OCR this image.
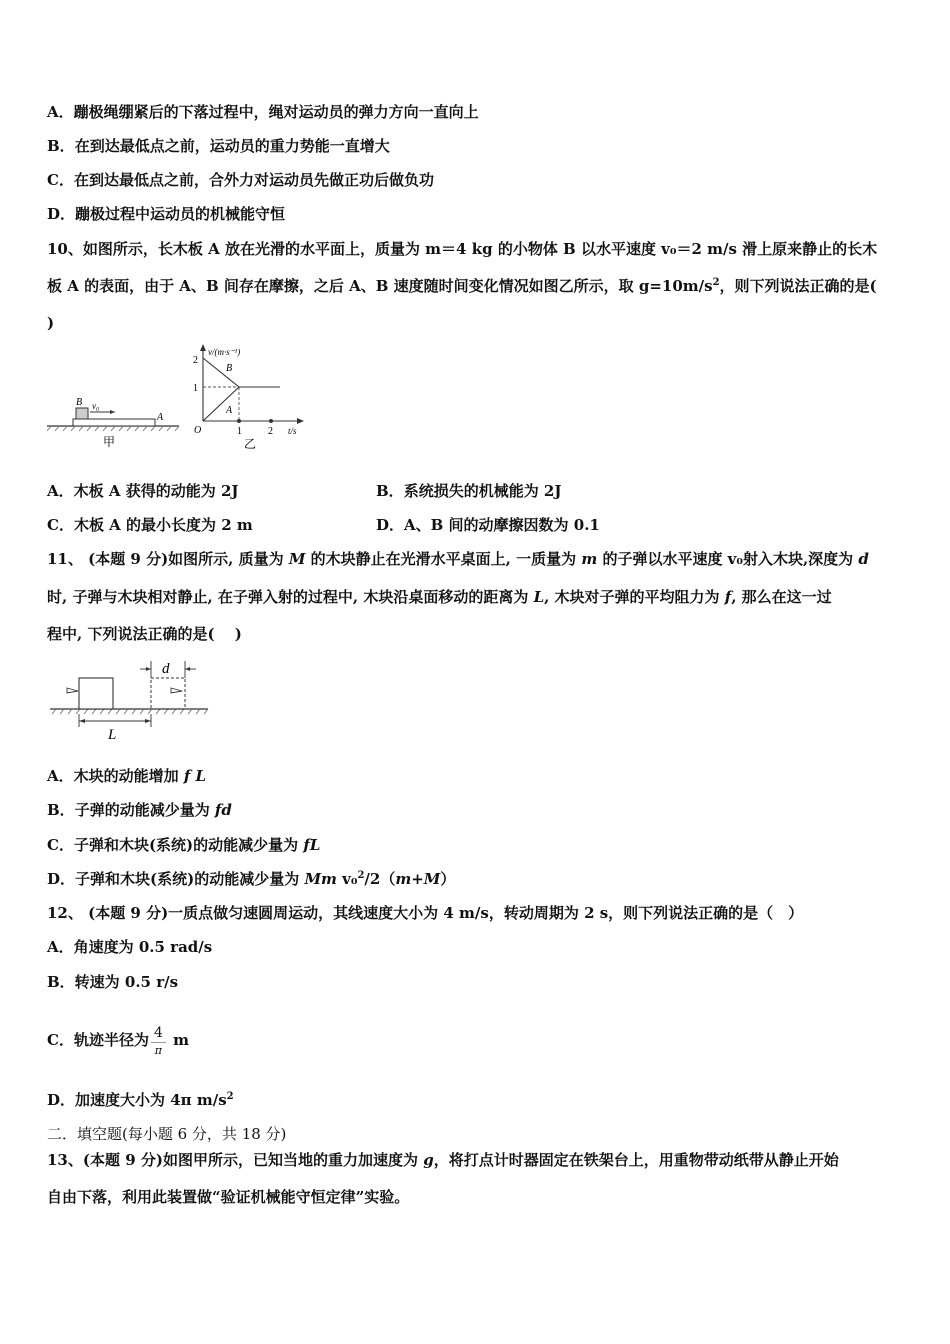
A．蹦极绳绷紧后的下落过程中，绳对运动员的弹力方向一直向上
B．在到达最低点之前，运动员的重力势能一直增大
C．在到达最低点之前，合外力对运动员先做正功后做负功
D．蹦极过程中运动员的机械能守恒
10、如图所示，长木板 A 放在光滑的水平面上，质量为 m＝4 kg 的小物体 B 以水平速度 v₀＝2 m/s 滑上原来静止的长木
板 A 的表面，由于 A、B 间存在摩擦，之后 A、B 速度随时间变化情况如图乙所示，取 $g=10m/s^2$，则下列说法正确的是(
)
B v₀
A
甲
v/(m·s⁻¹)
2
1
O	1	2 t/s
B
A
乙
A．木板 A 获得的动能为 2J	B．系统损失的机械能为 2J
C．木板 A 的最小长度为 2 m	D．A、B 间的动摩擦因数为 0.1
11、 (本题 9 分)如图所示, 质量为 M 的木块静止在光滑水平桌面上, 一质量为 m 的子弹以水平速度 v₀射入木块,深度为 d
时, 子弹与木块相对静止, 在子弹入射的过程中, 木块沿桌面移动的距离为 L, 木块对子弹的平均阻力为 f, 那么在这一过
程中, 下列说法正确的是(　 )
d
L
A．木块的动能增加 f L
B．子弹的动能减少量为 fd
C．子弹和木块(系统)的动能减少量为 fL
D．子弹和木块(系统)的动能减少量为 Mm v₀$^2$/2（m+M）
12、 (本题 9 分)一质点做匀速圆周运动，其线速度大小为 4 m/s，转动周期为 2 s，则下列说法正确的是（　）
A．角速度为 0.5 rad/s
B．转速为 0.5 r/s
C．轨迹半径为 $\frac{4}{\pi}$ m
D．加速度大小为 4π $m/s^2$
二．填空题(每小题 6 分，共 18 分)
13、(本题 9 分)如图甲所示，已知当地的重力加速度为 g，将打点计时器固定在铁架台上，用重物带动纸带从静止开始
自由下落，利用此装置做“验证机械能守恒定律”实验。
